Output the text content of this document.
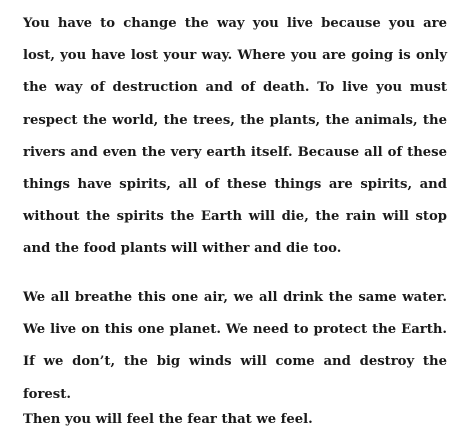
You have to change the way you live because you are lost, you have lost your way. Where you are going is only the way of destruction and of death. To live you must respect the world, the trees, the plants, the animals, the rivers and even the very earth itself. Because all of these things have spirits, all of these things are spirits, and without the spirits the Earth will die, the rain will stop and the food plants will wither and die too.

We all breathe this one air, we all drink the same water. We live on this one planet. We need to protect the Earth. If we don’t, the big winds will come and destroy the forest.

Then you will feel the fear that we feel.
